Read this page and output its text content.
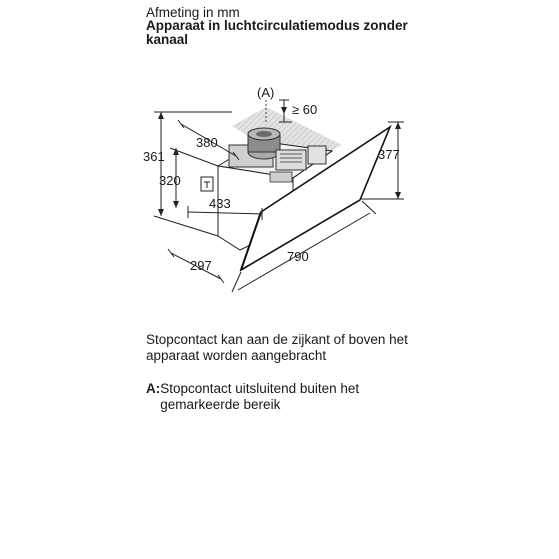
Afmeting in mm
Apparaat in luchtcirculatiemodus zonder kanaal
(A)
≥ 60
380
361
320
433
377
297
790
Stopcontact kan aan de zijkant of boven het apparaat worden aangebracht
A: Stopcontact uitsluitend buiten het gemarkeerde bereik
